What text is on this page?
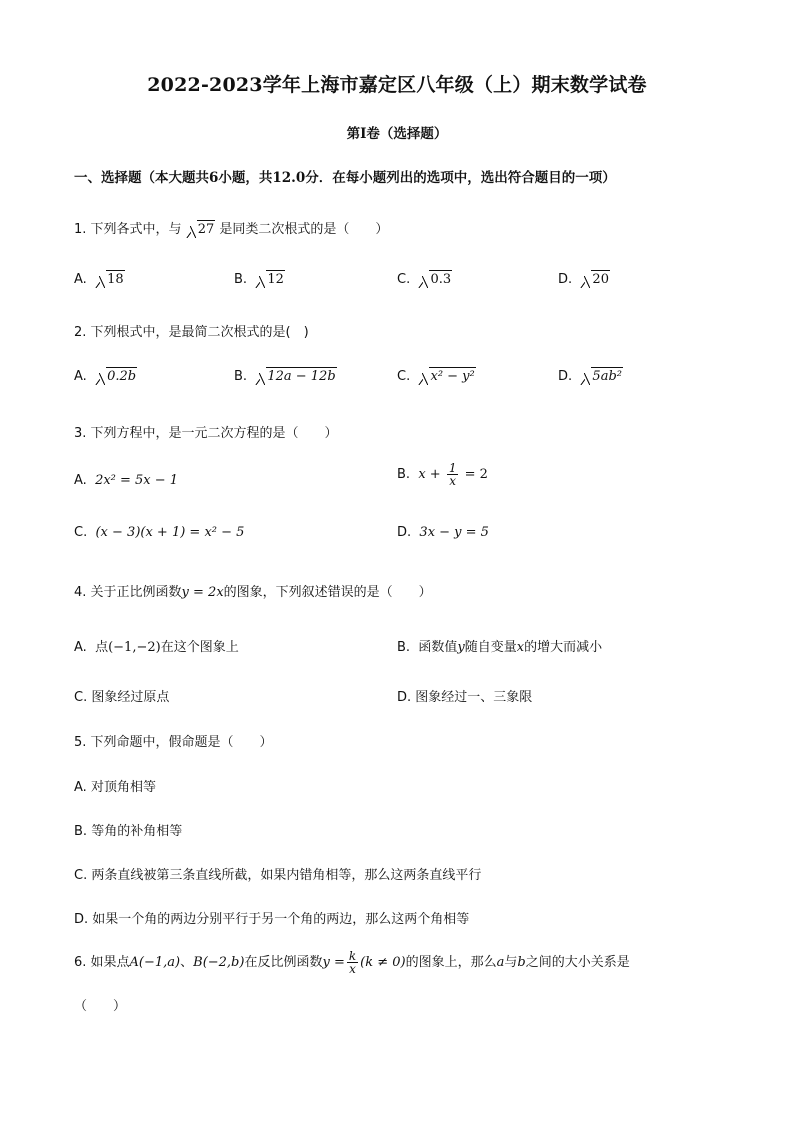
2022-2023学年上海市嘉定区八年级（上）期末数学试卷
第I卷（选择题）
一、选择题（本大题共6小题，共12.0分．在每小题列出的选项中，选出符合题目的一项）
1. 下列各式中，与 27 是同类二次根式的是（　　）
A. 18	B. 12	C. 0.3	D. 20
2. 下列根式中，是最简二次根式的是(　)
A. 0.2b	B. 12a − 12b	C. x² − y²	D. 5ab²
3. 下列方程中，是一元二次方程的是（　　）
A. 2x² = 5x − 1	B. $x + \frac{1}{x} = 2$
C. (x − 3)(x + 1) = x² − 5	D. 3x − y = 5
4. 关于正比例函数y = 2x的图象，下列叙述错误的是（　　）
A. 点(−1,−2)在这个图象上	B. 函数值y随自变量x的增大而减小
C. 图象经过原点	D. 图象经过一、三象限
5. 下列命题中，假命题是（　　）
A. 对顶角相等
B. 等角的补角相等
C. 两条直线被第三条直线所截，如果内错角相等，那么这两条直线平行
D. 如果一个角的两边分别平行于另一个角的两边，那么这两个角相等
6. 如果点A(−1,a)、B(−2,b)在反比例函数$y = \frac{k}{x} (k \ne 0)$的图象上，那么a与b之间的大小关系是
（　　）
